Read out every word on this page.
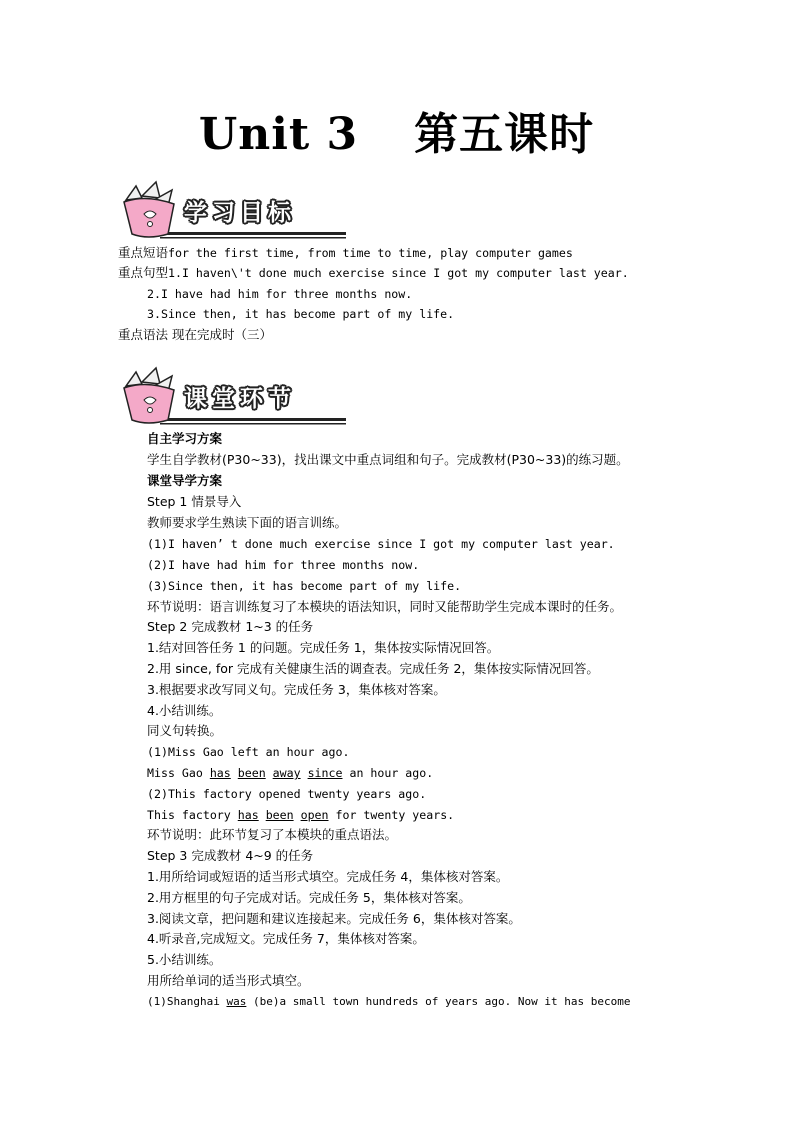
Unit 3 第五课时
学习目标
重点短语for the first time, from time to time, play computer games
重点句型1.I haven\'t done much exercise since I got my computer last year.
2.I have had him for three months now.
3.Since then, it has become part of my life.
重点语法 现在完成时（三）
课堂环节
自主学习方案
学生自学教材(P30~33)，找出课文中重点词组和句子。完成教材(P30~33)的练习题。
课堂导学方案
Step 1 情景导入
教师要求学生熟读下面的语言训练。
(1)I haven’ t done much exercise since I got my computer last year.
(2)I have had him for three months now.
(3)Since then, it has become part of my life.
环节说明：语言训练复习了本模块的语法知识，同时又能帮助学生完成本课时的任务。
Step 2 完成教材 1~3 的任务
1.结对回答任务 1 的问题。完成任务 1，集体按实际情况回答。
2.用 since, for 完成有关健康生活的调查表。完成任务 2，集体按实际情况回答。
3.根据要求改写同义句。完成任务 3，集体核对答案。
4.小结训练。
同义句转换。
(1)Miss Gao left an hour ago.
Miss Gao has been away since an hour ago.
(2)This factory opened twenty years ago.
This factory has been open for twenty years.
环节说明：此环节复习了本模块的重点语法。
Step 3 完成教材 4~9 的任务
1.用所给词或短语的适当形式填空。完成任务 4，集体核对答案。
2.用方框里的句子完成对话。完成任务 5，集体核对答案。
3.阅读文章，把问题和建议连接起来。完成任务 6，集体核对答案。
4.听录音,完成短文。完成任务 7，集体核对答案。
5.小结训练。
用所给单词的适当形式填空。
(1)Shanghai was (be)a small town hundreds of years ago. Now it has become
